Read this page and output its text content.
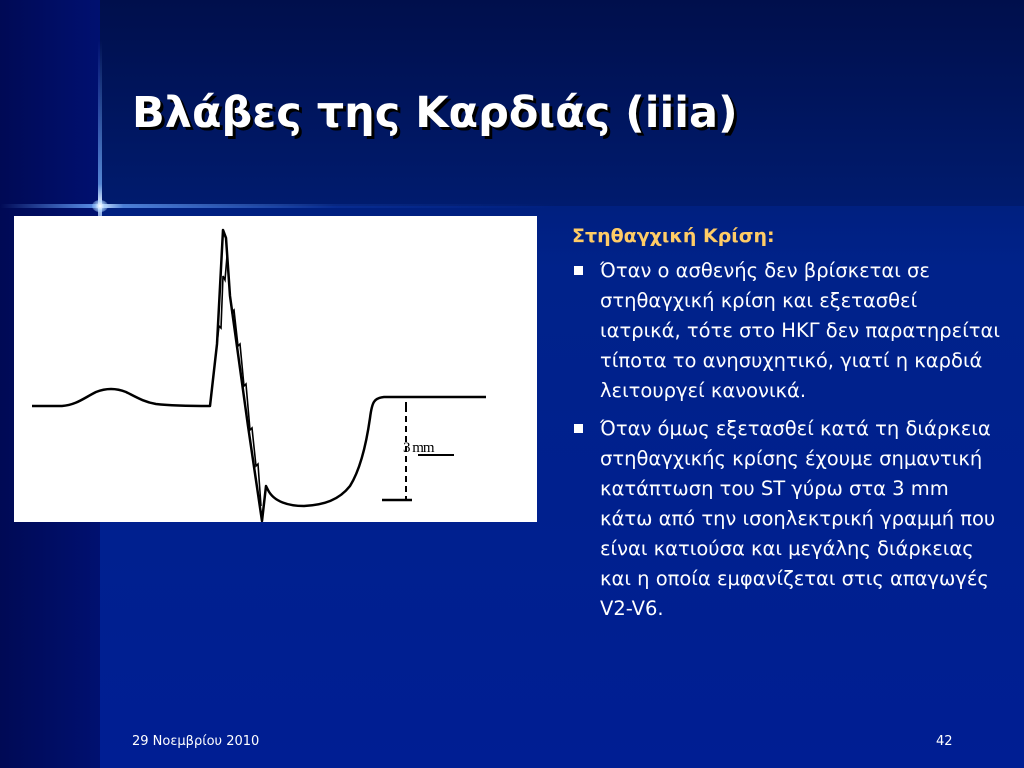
Βλάβες της Καρδιάς (iiia)
3 mm
Στηθαγχική Κρίση:
Όταν ο ασθενής δεν βρίσκεται σε στηθαγχική κρίση και εξετασθεί ιατρικά, τότε στο ΗΚΓ δεν παρατηρείται τίποτα το ανησυχητικό, γιατί η καρδιά λειτουργεί κανονικά.
Όταν όμως εξετασθεί κατά τη διάρκεια στηθαγχικής κρίσης έχουμε σημαντική κατάπτωση του ST γύρω στα 3 mm κάτω από την ισοηλεκτρική γραμμή που είναι κατιούσα και μεγάλης διάρκειας και η οποία εμφανίζεται στις απαγωγές V2-V6.
29 Νοεμβρίου 2010	42
